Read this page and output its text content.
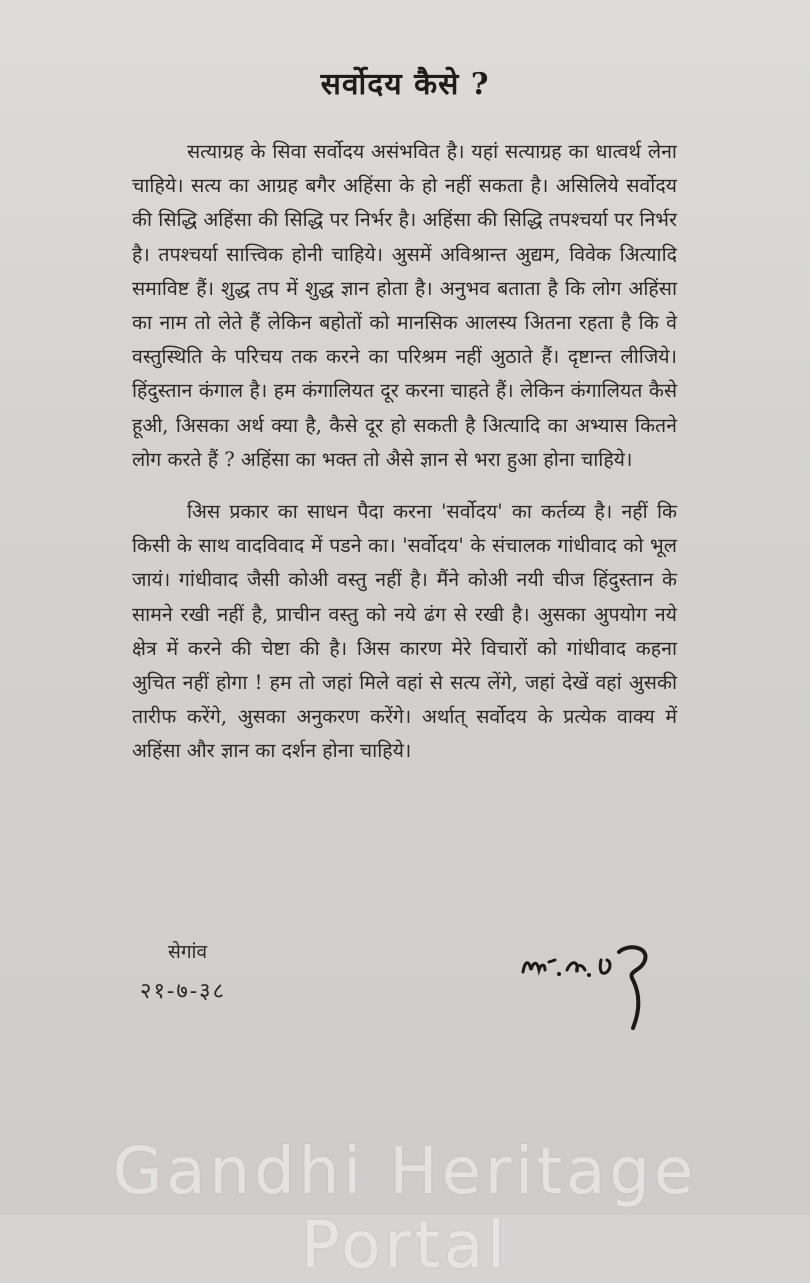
सर्वोदय कैसे ?

सत्याग्रह के सिवा सर्वोदय असंभवित है। यहां सत्याग्रह का धात्वर्थ लेना चाहिये। सत्य का आग्रह बगैर अहिंसा के हो नहीं सकता है। असिलिये सर्वोदय की सिद्धि अहिंसा की सिद्धि पर निर्भर है। अहिंसा की सिद्धि तपश्चर्या पर निर्भर है। तपश्चर्या सात्त्विक होनी चाहिये। अुसमें अविश्रान्त अुद्यम, विवेक अित्यादि समाविष्ट हैं। शुद्ध तप में शुद्ध ज्ञान होता है। अनुभव बताता है कि लोग अहिंसा का नाम तो लेते हैं लेकिन बहोतों को मानसिक आलस्य अितना रहता है कि वे वस्तुस्थिति के परिचय तक करने का परिश्रम नहीं अुठाते हैं। दृष्टान्त लीजिये। हिंदुस्तान कंगाल है। हम कंगालियत दूर करना चाहते हैं। लेकिन कंगालियत कैसे हूअी, अिसका अर्थ क्या है, कैसे दूर हो सकती है अित्यादि का अभ्यास कितने लोग करते हैं ? अहिंसा का भक्त तो अैसे ज्ञान से भरा हुआ होना चाहिये।

अिस प्रकार का साधन पैदा करना 'सर्वोदय' का कर्तव्य है। नहीं कि किसी के साथ वादविवाद में पडने का। 'सर्वोदय' के संचालक गांधीवाद को भूल जायं। गांधीवाद जैसी कोअी वस्तु नहीं है। मैंने कोअी नयी चीज हिंदुस्तान के सामने रखी नहीं है, प्राचीन वस्तु को नये ढंग से रखी है। अुसका अुपयोग नये क्षेत्र में करने की चेष्टा की है। अिस कारण मेरे विचारों को गांधीवाद कहना अुचित नहीं होगा ! हम तो जहां मिले वहां से सत्य लेंगे, जहां देखें वहां अुसकी तारीफ करेंगे, अुसका अनुकरण करेंगे। अर्थात् सर्वोदय के प्रत्येक वाक्य में अहिंसा और ज्ञान का दर्शन होना चाहिये।

सेगांव
२१-७-३८
Gandhi Heritage Portal
